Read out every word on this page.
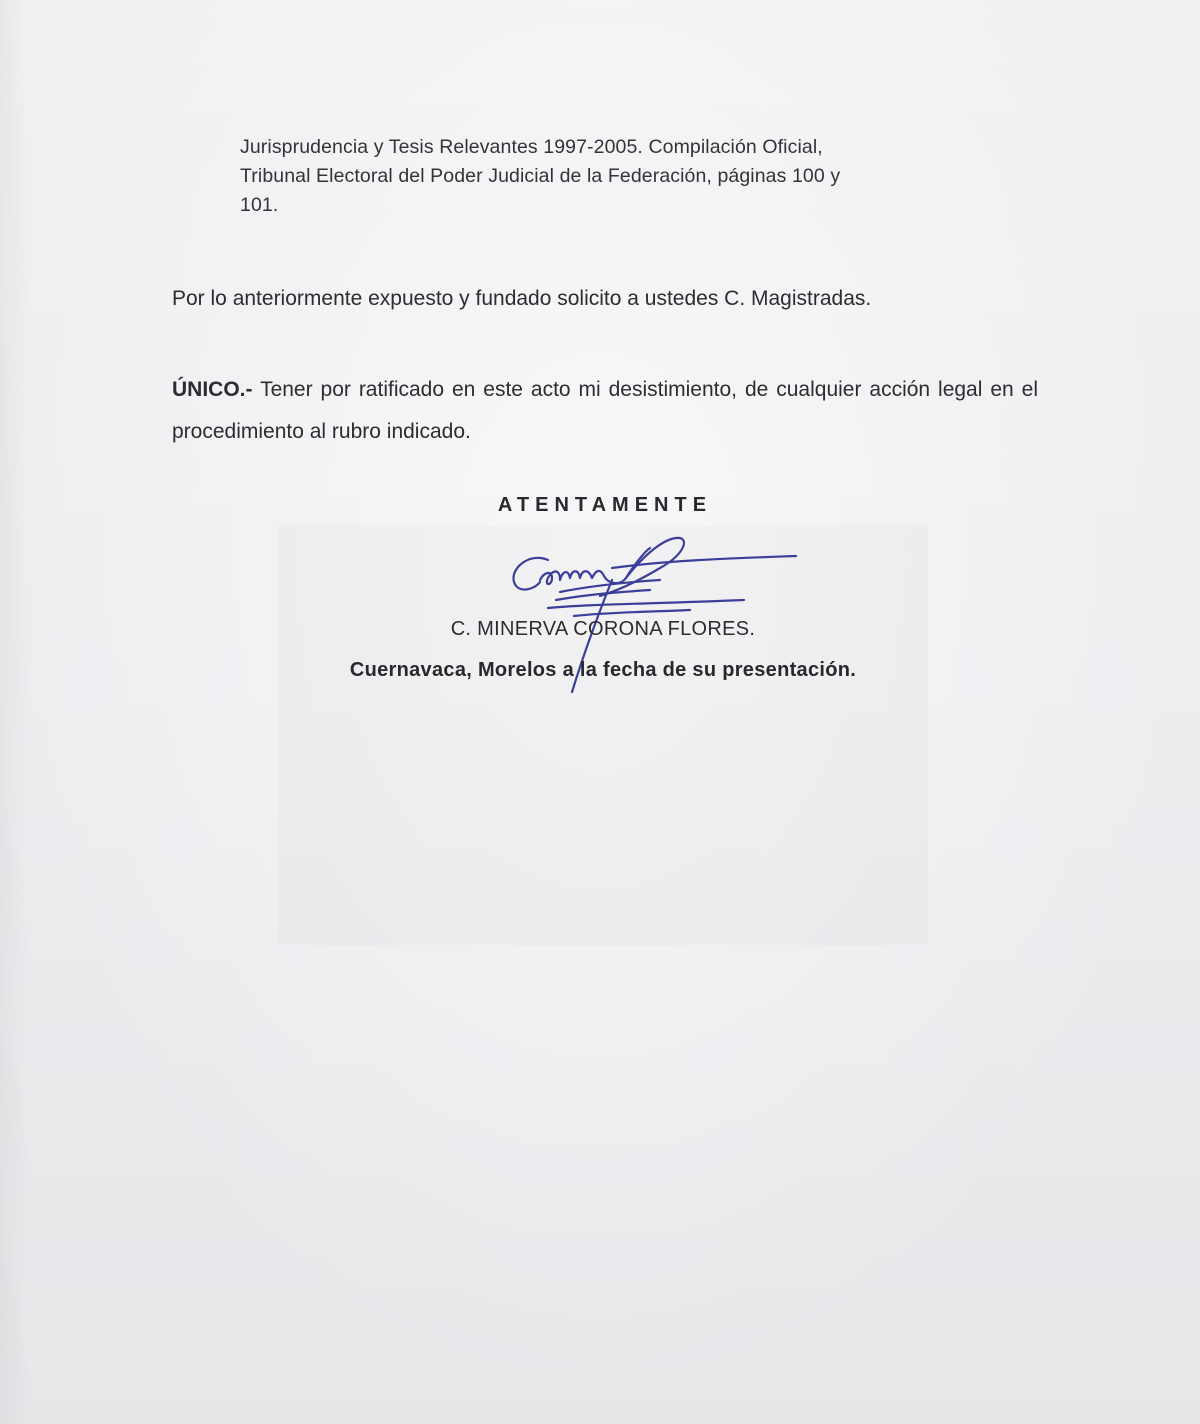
Jurisprudencia y Tesis Relevantes 1997-2005. Compilación Oficial,

Tribunal Electoral del Poder Judicial de la Federación, páginas 100 y

101.

Por lo anteriormente expuesto y fundado solicito a ustedes C. Magistradas.
ÚNICO.- Tener por ratificado en este acto mi desistimiento, de cualquier acción legal en el procedimiento al rubro indicado.
ATENTAMENTE
C. MINERVA CORONA FLORES.
Cuernavaca, Morelos a la fecha de su presentación.
